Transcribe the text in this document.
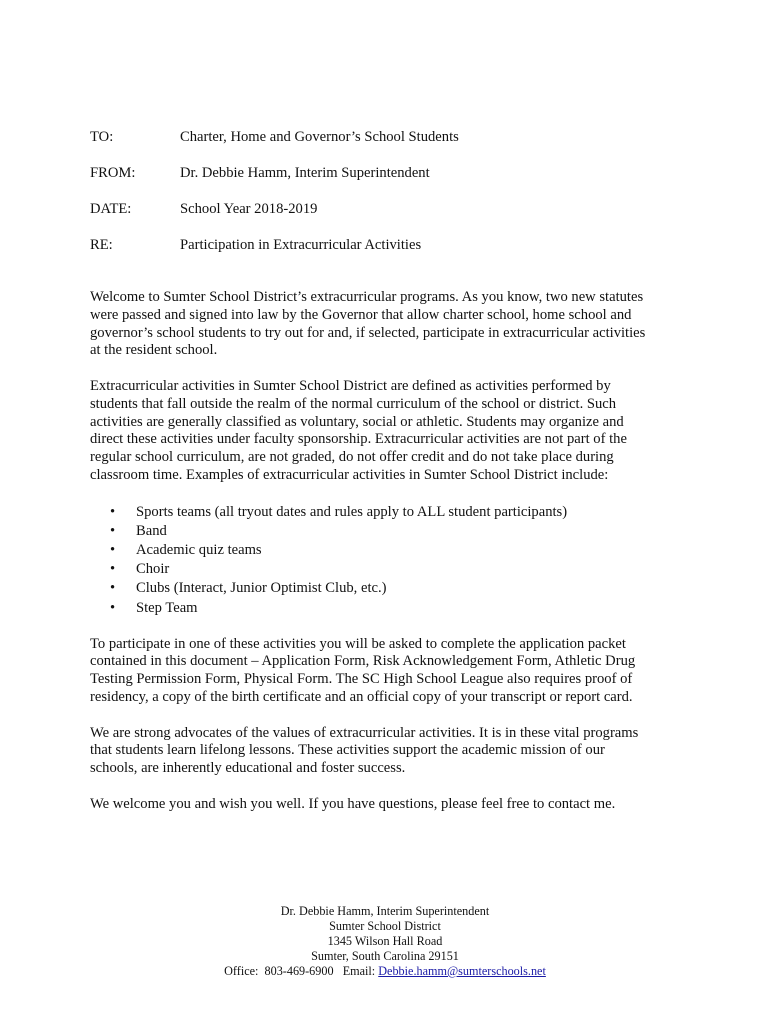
TO:	Charter, Home and Governor’s School Students
FROM:	Dr. Debbie Hamm, Interim Superintendent
DATE:	School Year 2018-2019
RE:	Participation in Extracurricular Activities

Welcome to Sumter School District’s extracurricular programs. As you know, two new statutes
were passed and signed into law by the Governor that allow charter school, home school and
governor’s school students to try out for and, if selected, participate in extracurricular activities
at the resident school.

Extracurricular activities in Sumter School District are defined as activities performed by
students that fall outside the realm of the normal curriculum of the school or district. Such
activities are generally classified as voluntary, social or athletic. Students may organize and
direct these activities under faculty sponsorship. Extracurricular activities are not part of the
regular school curriculum, are not graded, do not offer credit and do not take place during
classroom time. Examples of extracurricular activities in Sumter School District include:

• Sports teams (all tryout dates and rules apply to ALL student participants)
• Band
• Academic quiz teams
• Choir
• Clubs (Interact, Junior Optimist Club, etc.)
• Step Team

To participate in one of these activities you will be asked to complete the application packet
contained in this document – Application Form, Risk Acknowledgement Form, Athletic Drug
Testing Permission Form, Physical Form. The SC High School League also requires proof of
residency, a copy of the birth certificate and an official copy of your transcript or report card.

We are strong advocates of the values of extracurricular activities. It is in these vital programs
that students learn lifelong lessons. These activities support the academic mission of our
schools, are inherently educational and foster success.

We welcome you and wish you well. If you have questions, please feel free to contact me.

Dr. Debbie Hamm, Interim Superintendent
Sumter School District
1345 Wilson Hall Road
Sumter, South Carolina 29151
Office:  803-469-6900   Email: Debbie.hamm@sumterschools.net
